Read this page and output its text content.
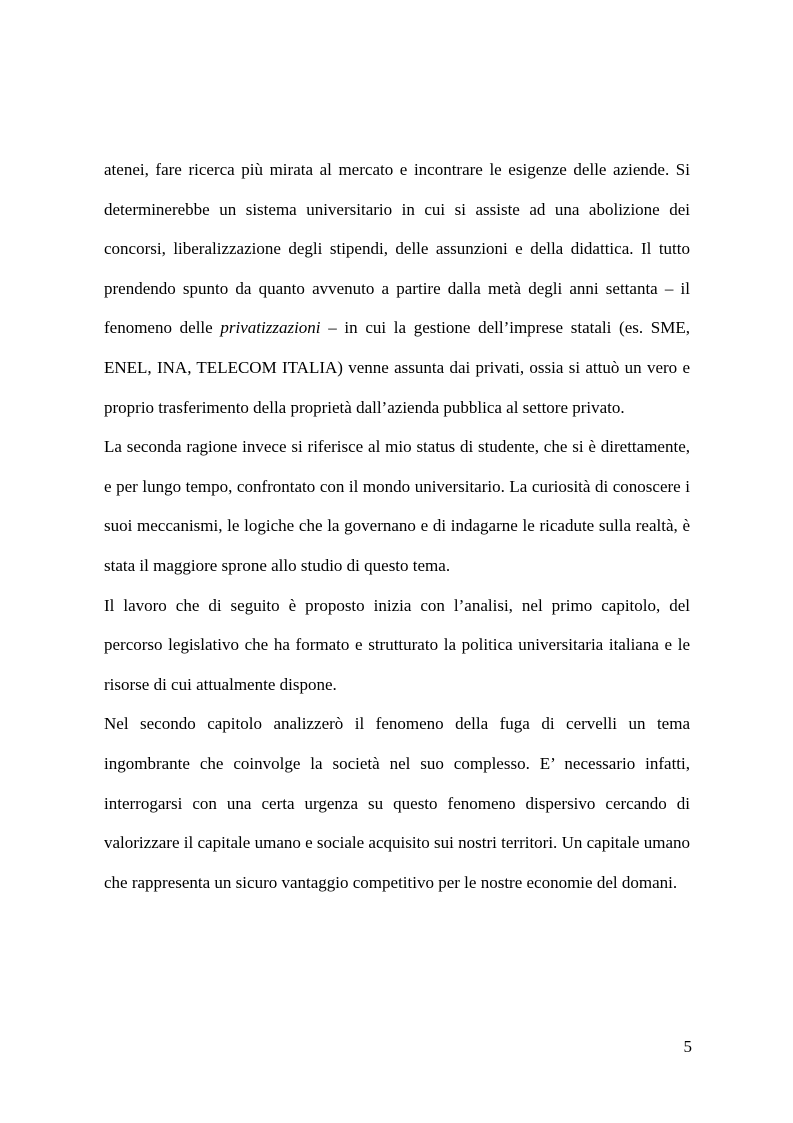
atenei, fare ricerca più mirata al mercato e incontrare le esigenze delle aziende. Si determinerebbe un sistema universitario in cui si assiste ad una abolizione dei concorsi, liberalizzazione degli stipendi, delle assunzioni e della didattica. Il tutto prendendo spunto da quanto avvenuto a partire dalla metà degli anni settanta – il fenomeno delle privatizzazioni – in cui la gestione dell’imprese statali (es. SME, ENEL, INA, TELECOM ITALIA) venne assunta dai privati, ossia si attuò un vero e proprio trasferimento della proprietà dall’azienda pubblica al settore privato.

La seconda ragione invece si riferisce al mio status di studente, che si è direttamente, e per lungo tempo, confrontato con il mondo universitario. La curiosità di conoscere i suoi meccanismi, le logiche che la governano e di indagarne le ricadute sulla realtà, è stata il maggiore sprone allo studio di questo tema.

Il lavoro che di seguito è proposto inizia con l’analisi, nel primo capitolo, del percorso legislativo che ha formato e strutturato la politica universitaria italiana e le risorse di cui attualmente dispone.

Nel secondo capitolo analizzerò il fenomeno della fuga di cervelli un tema ingombrante che coinvolge la società nel suo complesso. E’ necessario infatti, interrogarsi con una certa urgenza su questo fenomeno dispersivo cercando di valorizzare il capitale umano e sociale acquisito sui nostri territori. Un capitale umano che rappresenta un sicuro vantaggio competitivo per le nostre economie del domani.

5
